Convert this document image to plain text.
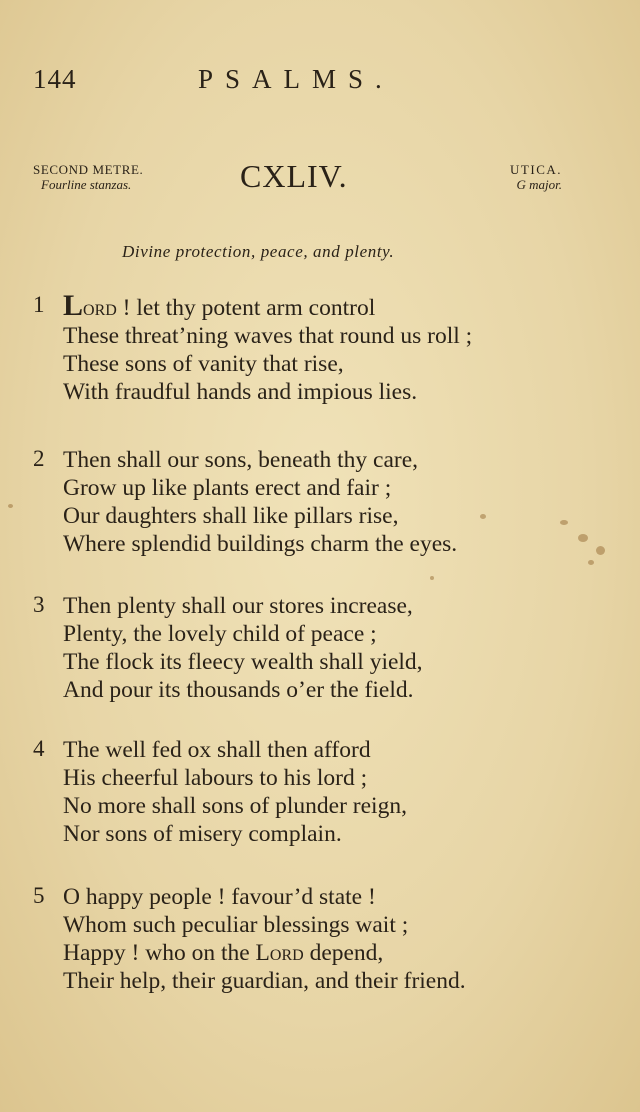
144	PSALMS.
SECOND METRE.
Fourline stanzas.	CXLIV.	UTICA.
G major.
Divine protection, peace, and plenty.
1 Lord ! let thy potent arm control
These threat’ning waves that round us roll ;
These sons of vanity that rise,
With fraudful hands and impious lies.
2 Then shall our sons, beneath thy care,
Grow up like plants erect and fair ;
Our daughters shall like pillars rise,
Where splendid buildings charm the eyes.
3 Then plenty shall our stores increase,
Plenty, the lovely child of peace ;
The flock its fleecy wealth shall yield,
And pour its thousands o’er the field.
4 The well fed ox shall then afford
His cheerful labours to his lord ;
No more shall sons of plunder reign,
Nor sons of misery complain.
5 O happy people ! favour’d state !
Whom such peculiar blessings wait ;
Happy ! who on the Lord depend,
Their help, their guardian, and their friend.
